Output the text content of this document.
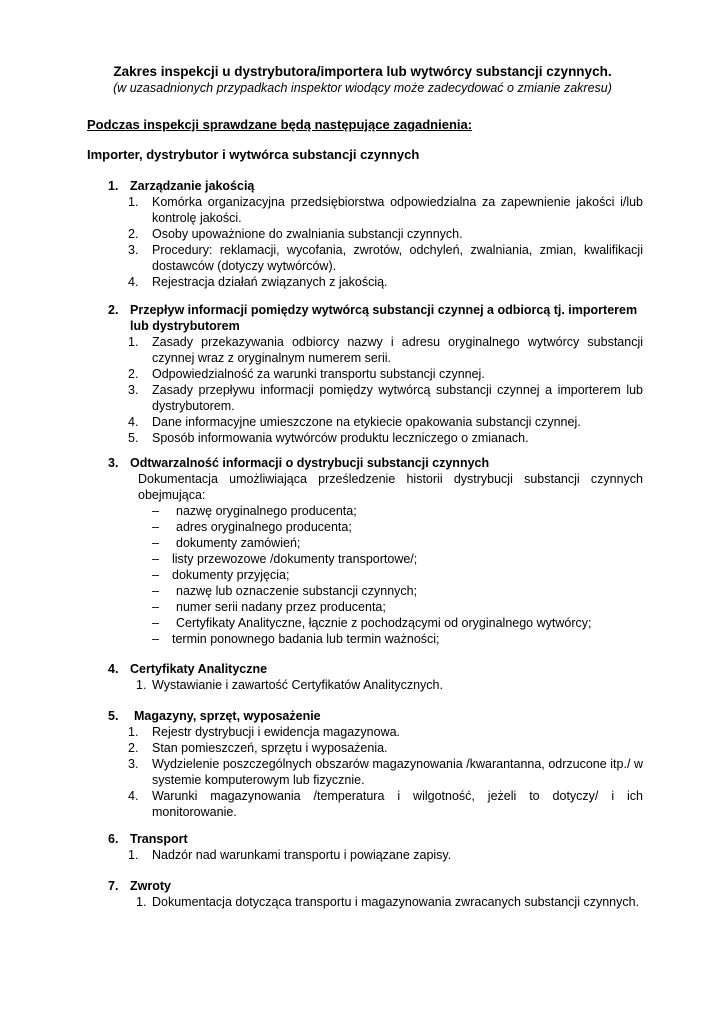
Zakres inspekcji u dystrybutora/importera lub wytwórcy substancji czynnych.
(w uzasadnionych przypadkach inspektor wiodący może zadecydować o zmianie zakresu)
Podczas inspekcji sprawdzane będą następujące zagadnienia:
Importer, dystrybutor i wytwórca substancji czynnych
1. Zarządzanie jakością
1. Komórka organizacyjna przedsiębiorstwa odpowiedzialna za zapewnienie jakości i/lub kontrolę jakości.
2. Osoby upoważnione do zwalniania substancji czynnych.
3. Procedury: reklamacji, wycofania, zwrotów, odchyleń, zwalniania, zmian, kwalifikacji dostawców (dotyczy wytwórców).
4. Rejestracja działań związanych z jakością.
2. Przepływ informacji pomiędzy wytwórcą substancji czynnej a odbiorcą tj. importerem lub dystrybutorem
1. Zasady przekazywania odbiorcy nazwy i adresu oryginalnego wytwórcy substancji czynnej wraz z oryginalnym numerem serii.
2. Odpowiedzialność za warunki transportu substancji czynnej.
3. Zasady przepływu informacji pomiędzy wytwórcą substancji czynnej a importerem lub dystrybutorem.
4. Dane informacyjne umieszczone na etykiecie opakowania substancji czynnej.
5. Sposób informowania wytwórców produktu leczniczego o zmianach.
3. Odtwarzalność informacji o dystrybucji substancji czynnych
Dokumentacja umożliwiająca prześledzenie historii dystrybucji substancji czynnych obejmująca:
– nazwę oryginalnego producenta;
– adres oryginalnego producenta;
– dokumenty zamówień;
– listy przewozowe /dokumenty transportowe/;
– dokumenty przyjęcia;
– nazwę lub oznaczenie substancji czynnych;
– numer serii nadany przez producenta;
– Certyfikaty Analityczne, łącznie z pochodzącymi od oryginalnego wytwórcy;
– termin ponownego badania lub termin ważności;
4. Certyfikaty Analityczne
1. Wystawianie i zawartość Certyfikatów Analitycznych.
5. Magazyny, sprzęt, wyposażenie
1. Rejestr dystrybucji i ewidencja magazynowa.
2. Stan pomieszczeń, sprzętu i wyposażenia.
3. Wydzielenie poszczególnych obszarów magazynowania /kwarantanna, odrzucone itp./ w systemie komputerowym lub fizycznie.
4. Warunki magazynowania /temperatura i wilgotność, jeżeli to dotyczy/ i ich monitorowanie.
6. Transport
1. Nadzór nad warunkami transportu i powiązane zapisy.
7. Zwroty
1. Dokumentacja dotycząca transportu i magazynowania zwracanych substancji czynnych.
